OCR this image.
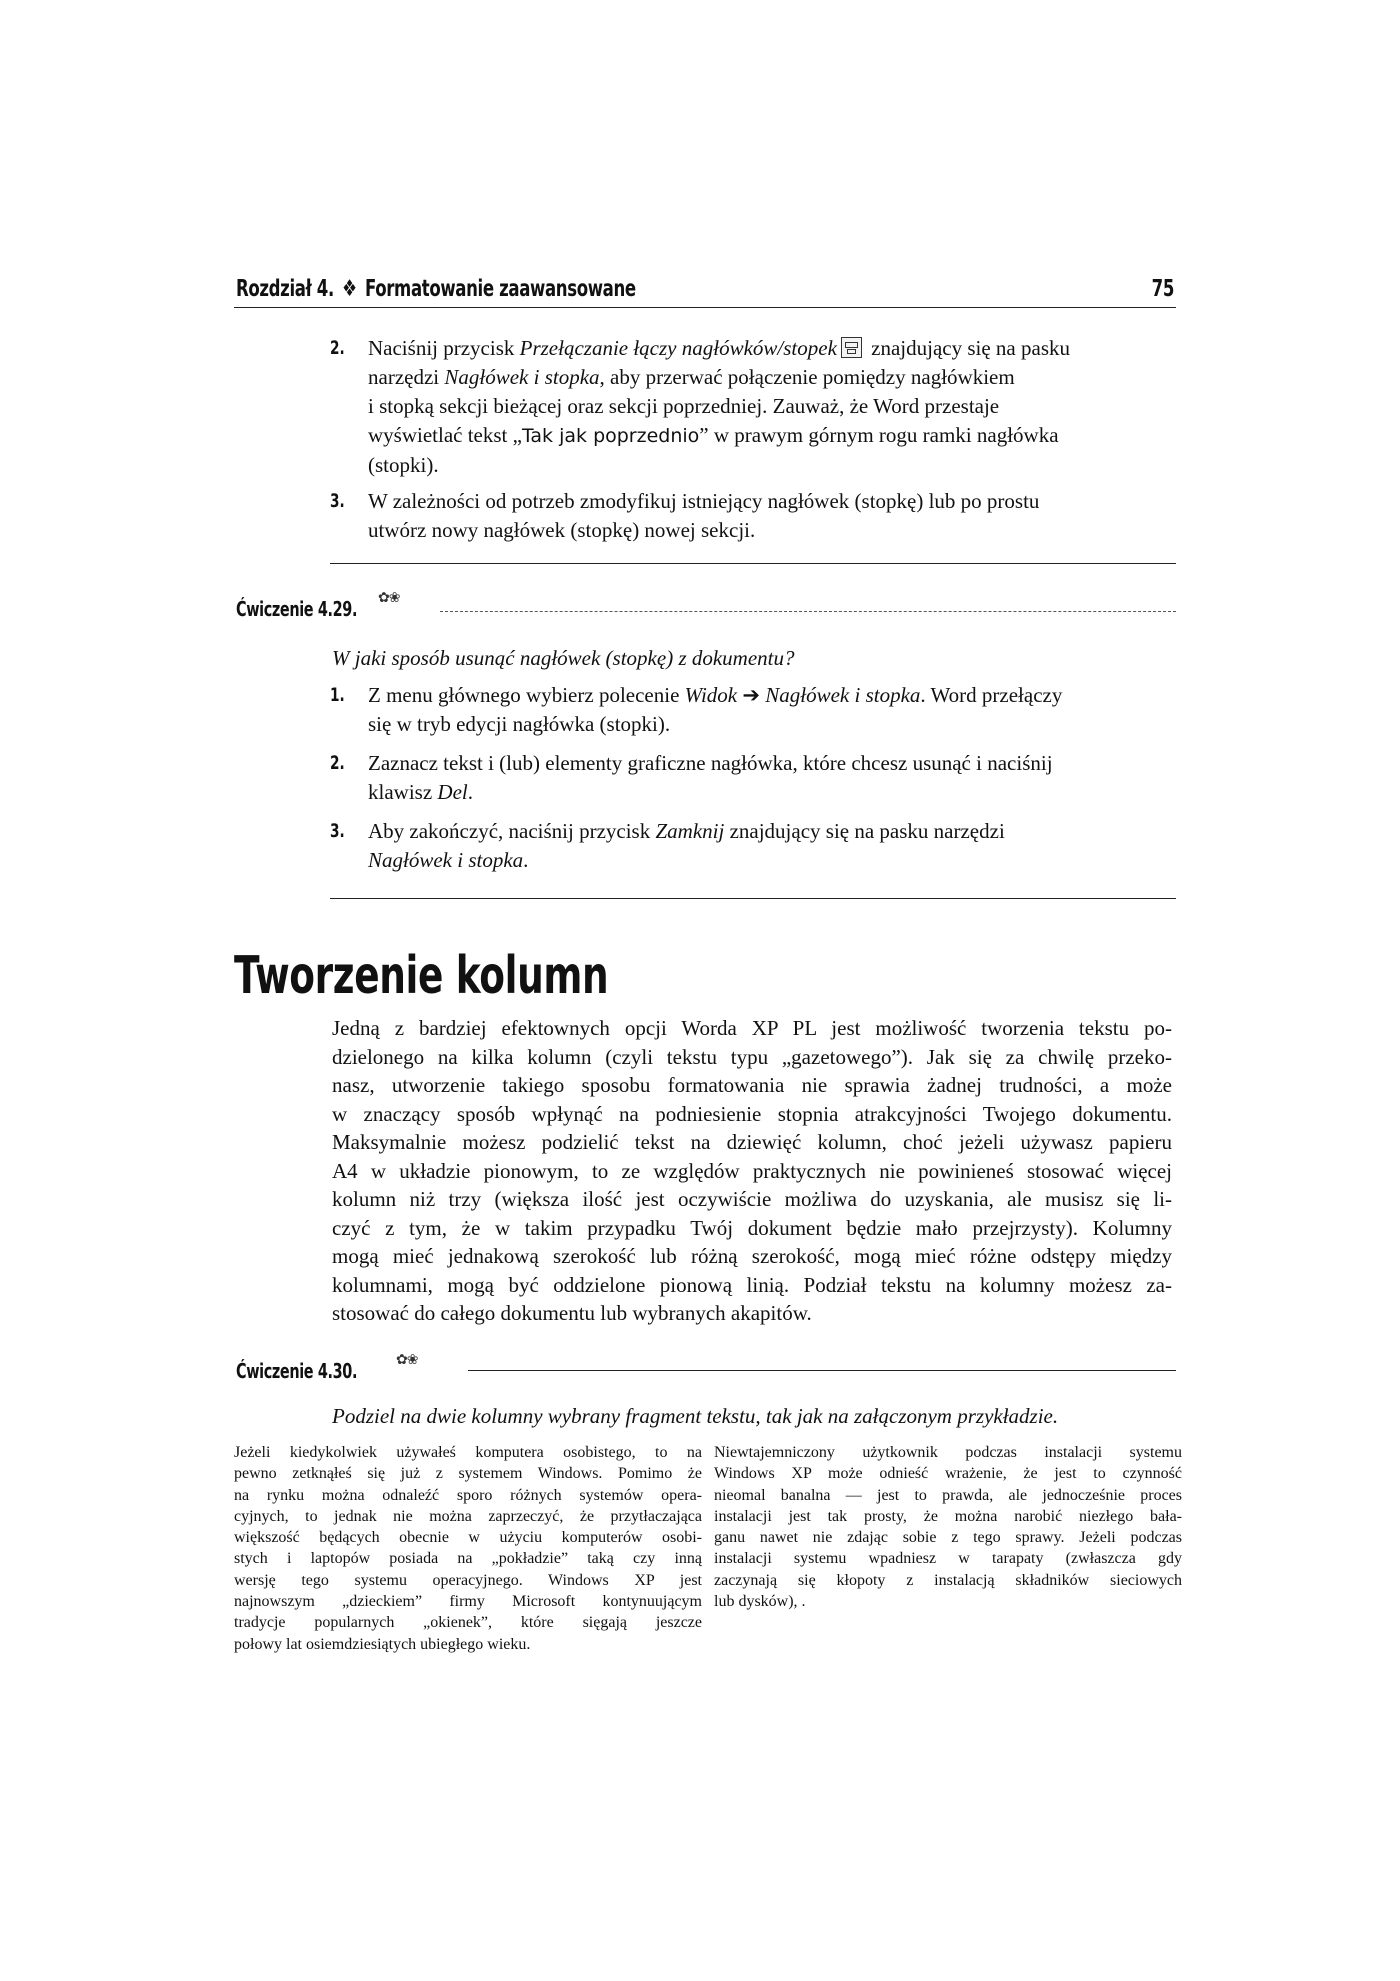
Rozdział 4. ❖ Formatowanie zaawansowane	75
2. Naciśnij przycisk Przełączanie łączy nagłówków/stopek znajdujący się na pasku
narzędzi Nagłówek i stopka, aby przerwać połączenie pomiędzy nagłówkiem
i stopką sekcji bieżącej oraz sekcji poprzedniej. Zauważ, że Word przestaje
wyświetlać tekst „Tak jak poprzednio” w prawym górnym rogu ramki nagłówka
(stopki).
3. W zależności od potrzeb zmodyfikuj istniejący nagłówek (stopkę) lub po prostu
utwórz nowy nagłówek (stopkę) nowej sekcji.
Ćwiczenie 4.29. ✿❀
W jaki sposób usunąć nagłówek (stopkę) z dokumentu?
1. Z menu głównego wybierz polecenie Widok ➔ Nagłówek i stopka. Word przełączy
się w tryb edycji nagłówka (stopki).
2. Zaznacz tekst i (lub) elementy graficzne nagłówka, które chcesz usunąć i naciśnij
klawisz Del.
3. Aby zakończyć, naciśnij przycisk Zamknij znajdujący się na pasku narzędzi
Nagłówek i stopka.
Tworzenie kolumn
Jedną z bardziej efektownych opcji Worda XP PL jest możliwość tworzenia tekstu po-
dzielonego na kilka kolumn (czyli tekstu typu „gazetowego”). Jak się za chwilę przeko-
nasz, utworzenie takiego sposobu formatowania nie sprawia żadnej trudności, a może
w znaczący sposób wpłynąć na podniesienie stopnia atrakcyjności Twojego dokumentu.
Maksymalnie możesz podzielić tekst na dziewięć kolumn, choć jeżeli używasz papieru
A4 w układzie pionowym, to ze względów praktycznych nie powinieneś stosować więcej
kolumn niż trzy (większa ilość jest oczywiście możliwa do uzyskania, ale musisz się li-
czyć z tym, że w takim przypadku Twój dokument będzie mało przejrzysty). Kolumny
mogą mieć jednakową szerokość lub różną szerokość, mogą mieć różne odstępy między
kolumnami, mogą być oddzielone pionową linią. Podział tekstu na kolumny możesz za-
stosować do całego dokumentu lub wybranych akapitów.
Ćwiczenie 4.30.	✿❀
Podziel na dwie kolumny wybrany fragment tekstu, tak jak na załączonym przykładzie.
Jeżeli kiedykolwiek używałeś komputera osobistego, to na
pewno zetknąłeś się już z systemem Windows. Pomimo że
na rynku można odnaleźć sporo różnych systemów opera-
cyjnych, to jednak nie można zaprzeczyć, że przytłaczająca
większość będących obecnie w użyciu komputerów osobi-
stych i laptopów posiada na „pokładzie” taką czy inną
wersję tego systemu operacyjnego. Windows XP jest
najnowszym „dzieckiem” firmy Microsoft kontynuującym
tradycje popularnych „okienek”, które sięgają jeszcze
połowy lat osiemdziesiątych ubiegłego wieku.
Niewtajemniczony użytkownik podczas instalacji systemu
Windows XP może odnieść wrażenie, że jest to czynność
nieomal banalna — jest to prawda, ale jednocześnie proces
instalacji jest tak prosty, że można narobić niezłego bała-
ganu nawet nie zdając sobie z tego sprawy. Jeżeli podczas
instalacji systemu wpadniesz w tarapaty (zwłaszcza gdy
zaczynają się kłopoty z instalacją składników sieciowych
lub dysków), .
